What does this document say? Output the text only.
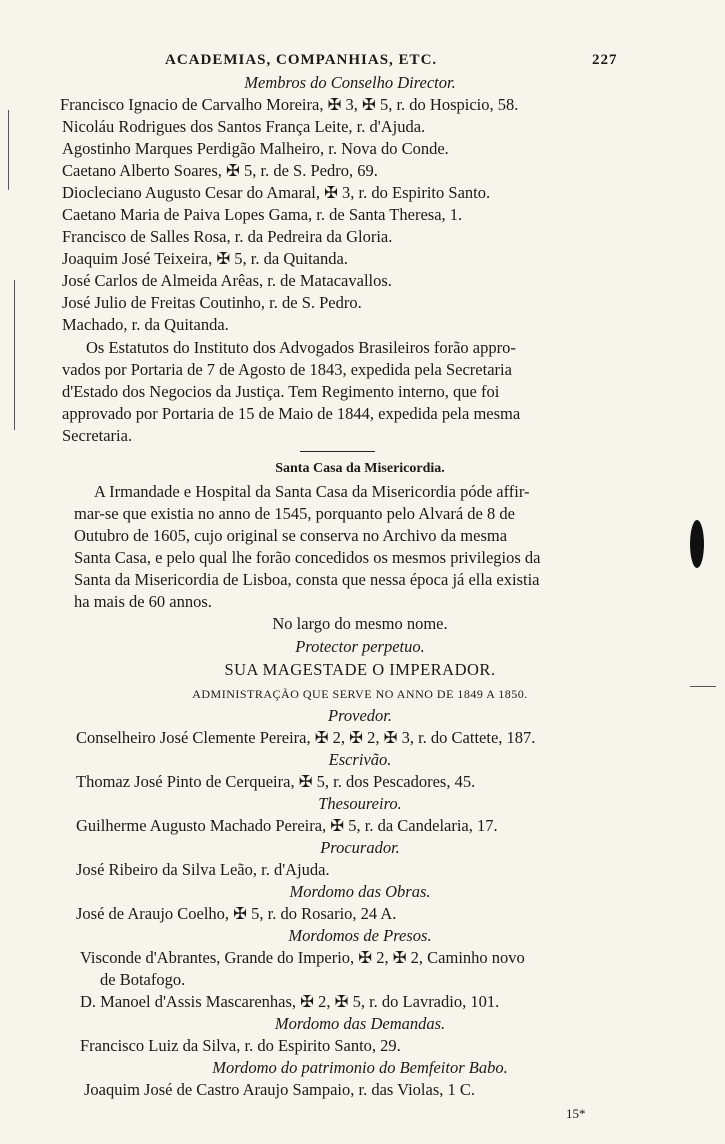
ACADEMIAS, COMPANHIAS, ETC.	227
Membros do Conselho Director.
Francisco Ignacio de Carvalho Moreira, ✠ 3, ✠ 5, r. do Hospicio, 58.
Nicoláu Rodrigues dos Santos França Leite, r. d'Ajuda.
Agostinho Marques Perdigão Malheiro, r. Nova do Conde.
Caetano Alberto Soares, ✠ 5, r. de S. Pedro, 69.
Diocleciano Augusto Cesar do Amaral, ✠ 3, r. do Espirito Santo.
Caetano Maria de Paiva Lopes Gama, r. de Santa Theresa, 1.
Francisco de Salles Rosa, r. da Pedreira da Gloria.
Joaquim José Teixeira, ✠ 5, r. da Quitanda.
José Carlos de Almeida Arêas, r. de Matacavallos.
José Julio de Freitas Coutinho, r. de S. Pedro.
Machado, r. da Quitanda.
Os Estatutos do Instituto dos Advogados Brasileiros forão appro-
vados por Portaria de 7 de Agosto de 1843, expedida pela Secretaria
d'Estado dos Negocios da Justiça. Tem Regimento interno, que foi
approvado por Portaria de 15 de Maio de 1844, expedida pela mesma
Secretaria.
Santa Casa da Misericordia.
A Irmandade e Hospital da Santa Casa da Misericordia póde affir-
mar-se que existia no anno de 1545, porquanto pelo Alvará de 8 de
Outubro de 1605, cujo original se conserva no Archivo da mesma
Santa Casa, e pelo qual lhe forão concedidos os mesmos privilegios da
Santa da Misericordia de Lisboa, consta que nessa época já ella existia
ha mais de 60 annos.
No largo do mesmo nome.
Protector perpetuo.
SUA MAGESTADE O IMPERADOR.
ADMINISTRAÇÃO QUE SERVE NO ANNO DE 1849 A 1850.
Provedor.
Conselheiro José Clemente Pereira, ✠ 2, ✠ 2, ✠ 3, r. do Cattete, 187.
Escrivão.
Thomaz José Pinto de Cerqueira, ✠ 5, r. dos Pescadores, 45.
Thesoureiro.
Guilherme Augusto Machado Pereira, ✠ 5, r. da Candelaria, 17.
Procurador.
José Ribeiro da Silva Leão, r. d'Ajuda.
Mordomo das Obras.
José de Araujo Coelho, ✠ 5, r. do Rosario, 24 A.
Mordomos de Presos.
Visconde d'Abrantes, Grande do Imperio, ✠ 2, ✠ 2, Caminho novo
de Botafogo.
D. Manoel d'Assis Mascarenhas, ✠ 2, ✠ 5, r. do Lavradio, 101.
Mordomo das Demandas.
Francisco Luiz da Silva, r. do Espirito Santo, 29.
Mordomo do patrimonio do Bemfeitor Babo.
Joaquim José de Castro Araujo Sampaio, r. das Violas, 1 C.
15*
